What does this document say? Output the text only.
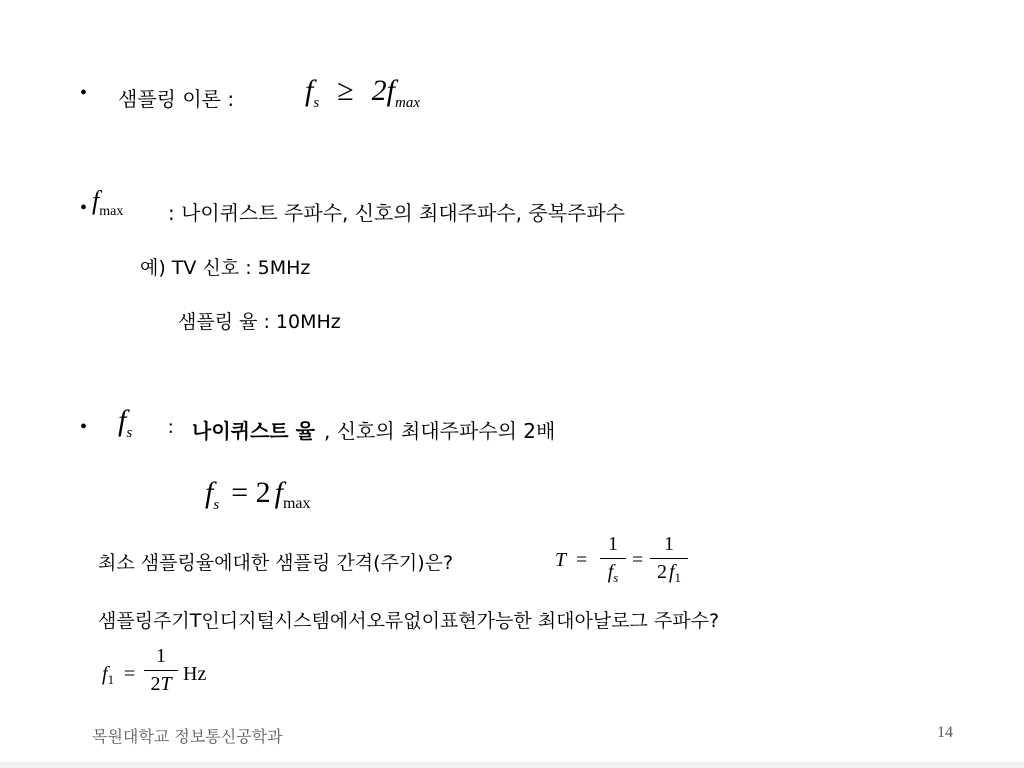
• 샘플링 이론 : fs ≥ 2fmax
• fmax : 나이퀴스트 주파수, 신호의 최대주파수, 중복주파수
예) TV 신호 : 5MHz
샘플링 율 : 10MHz
• fs : 나이퀴스트 율 , 신호의 최대주파수의 2배
fs = 2 fmax
최소 샘플링율에대한 샘플링 간격(주기)은?	T =
1
$f_s$
=
1
2 $f_1$
샘플링주기T인디지털시스템에서오류없이표현가능한 최대아날로그 주파수?
$f_1$ =
1
2T Hz
목원대학교 정보통신공학과	14
